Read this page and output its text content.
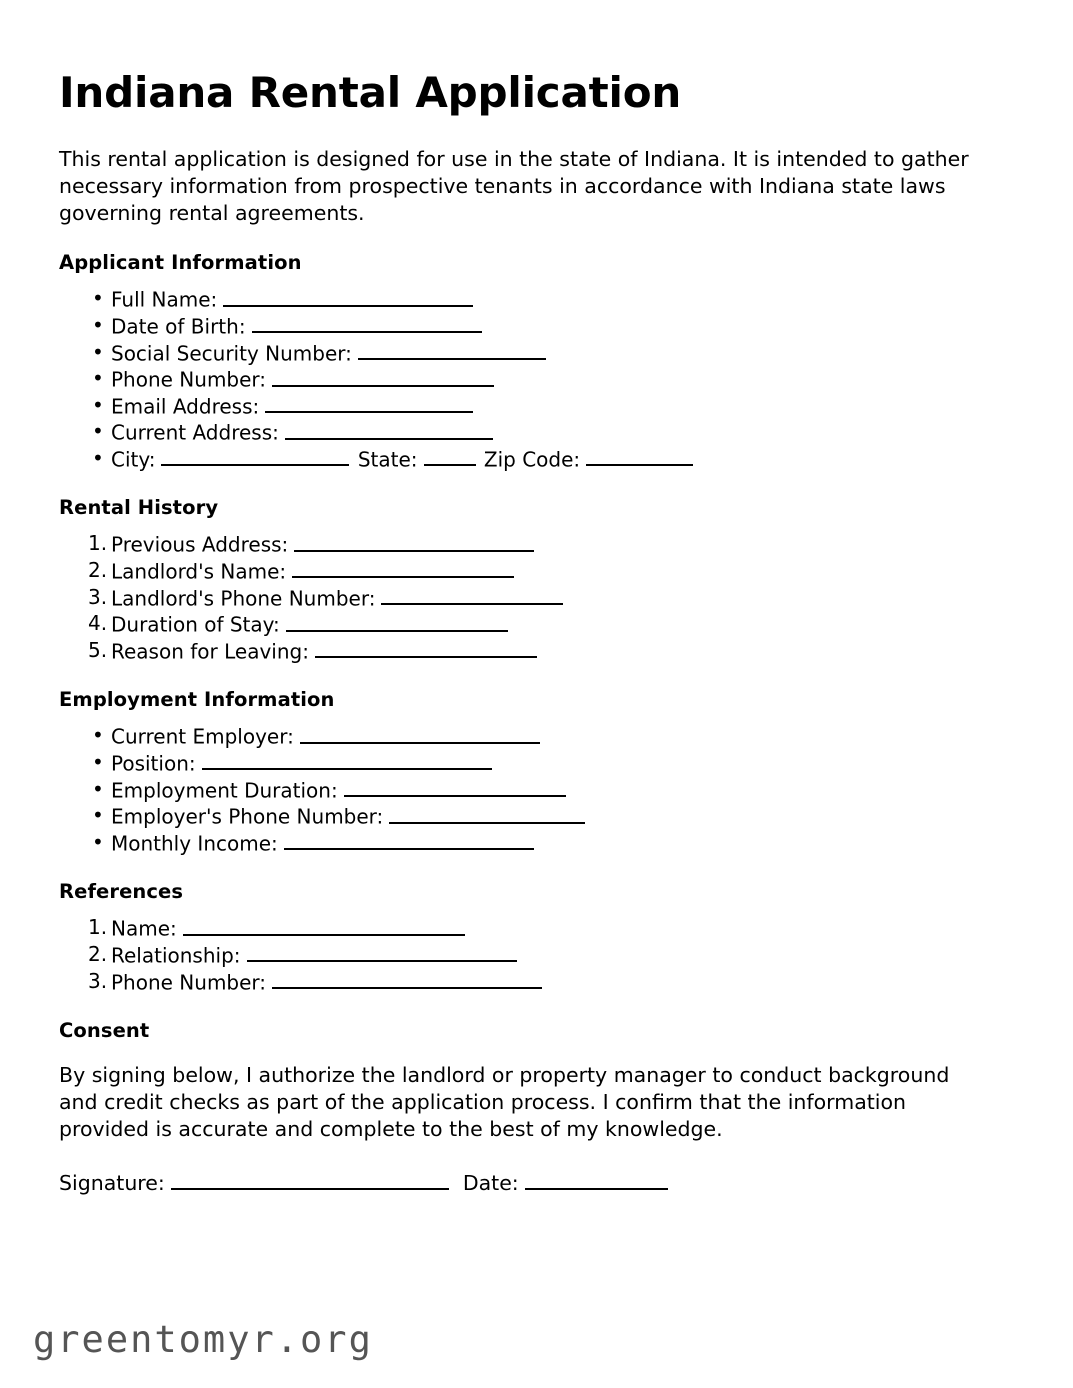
Indiana Rental Application

This rental application is designed for use in the state of Indiana. It is intended to gather necessary information from prospective tenants in accordance with Indiana state laws governing rental agreements.

Applicant Information
• Full Name:
• Date of Birth:
• Social Security Number:
• Phone Number:
• Email Address:
• Current Address:
• City:	State:	Zip Code:
Rental History
Previous Address:
Landlord's Name:
Landlord's Phone Number:
Duration of Stay:
Reason for Leaving:
Employment Information
• Current Employer:
• Position:
• Employment Duration:
• Employer's Phone Number:
• Monthly Income:
References
Name:
Relationship:
Phone Number:
Consent

By signing below, I authorize the landlord or property manager to conduct background and credit checks as part of the application process. I confirm that the information provided is accurate and complete to the best of my knowledge.

Signature:	Date:
greentomyr.org
